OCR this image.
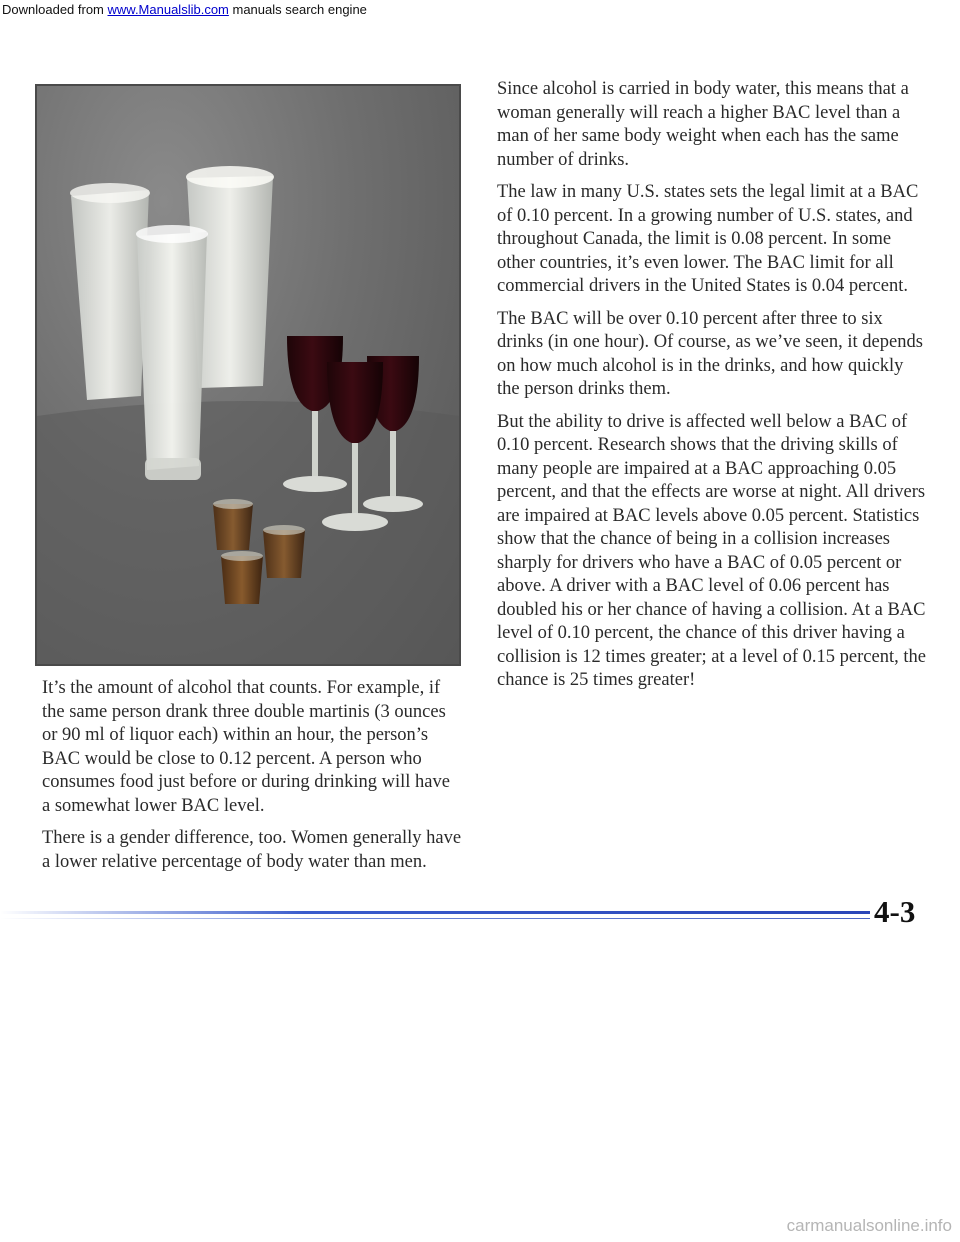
Downloaded from www.Manualslib.com manuals search engine

It’s the amount of alcohol that counts. For example, if the same person drank three double martinis (3 ounces or 90 ml of liquor each) within an hour, the person’s BAC would be close to 0.12 percent. A person who consumes food just before or during drinking will have a somewhat lower BAC level.

There is a gender difference, too. Women generally have a lower relative percentage of body water than men.

Since alcohol is carried in body water, this means that a woman generally will reach a higher BAC level than a man of her same body weight when each has the same number of drinks.

The law in many U.S. states sets the legal limit at a BAC of 0.10 percent. In a growing number of U.S. states, and throughout Canada, the limit is 0.08 percent. In some other countries, it’s even lower. The BAC limit for all commercial drivers in the United States is 0.04 percent.

The BAC will be over 0.10 percent after three to six drinks (in one hour). Of course, as we’ve seen, it depends on how much alcohol is in the drinks, and how quickly the person drinks them.

But the ability to drive is affected well below a BAC of 0.10 percent. Research shows that the driving skills of many people are impaired at a BAC approaching 0.05 percent, and that the effects are worse at night. All drivers are impaired at BAC levels above 0.05 percent. Statistics show that the chance of being in a collision increases sharply for drivers who have a BAC of 0.05 percent or above. A driver with a BAC level of 0.06 percent has doubled his or her chance of having a collision. At a BAC level of 0.10 percent, the chance of this driver having a collision is 12 times greater; at a level of 0.15 percent, the chance is 25 times greater!

4-3
carmanualsonline.info
